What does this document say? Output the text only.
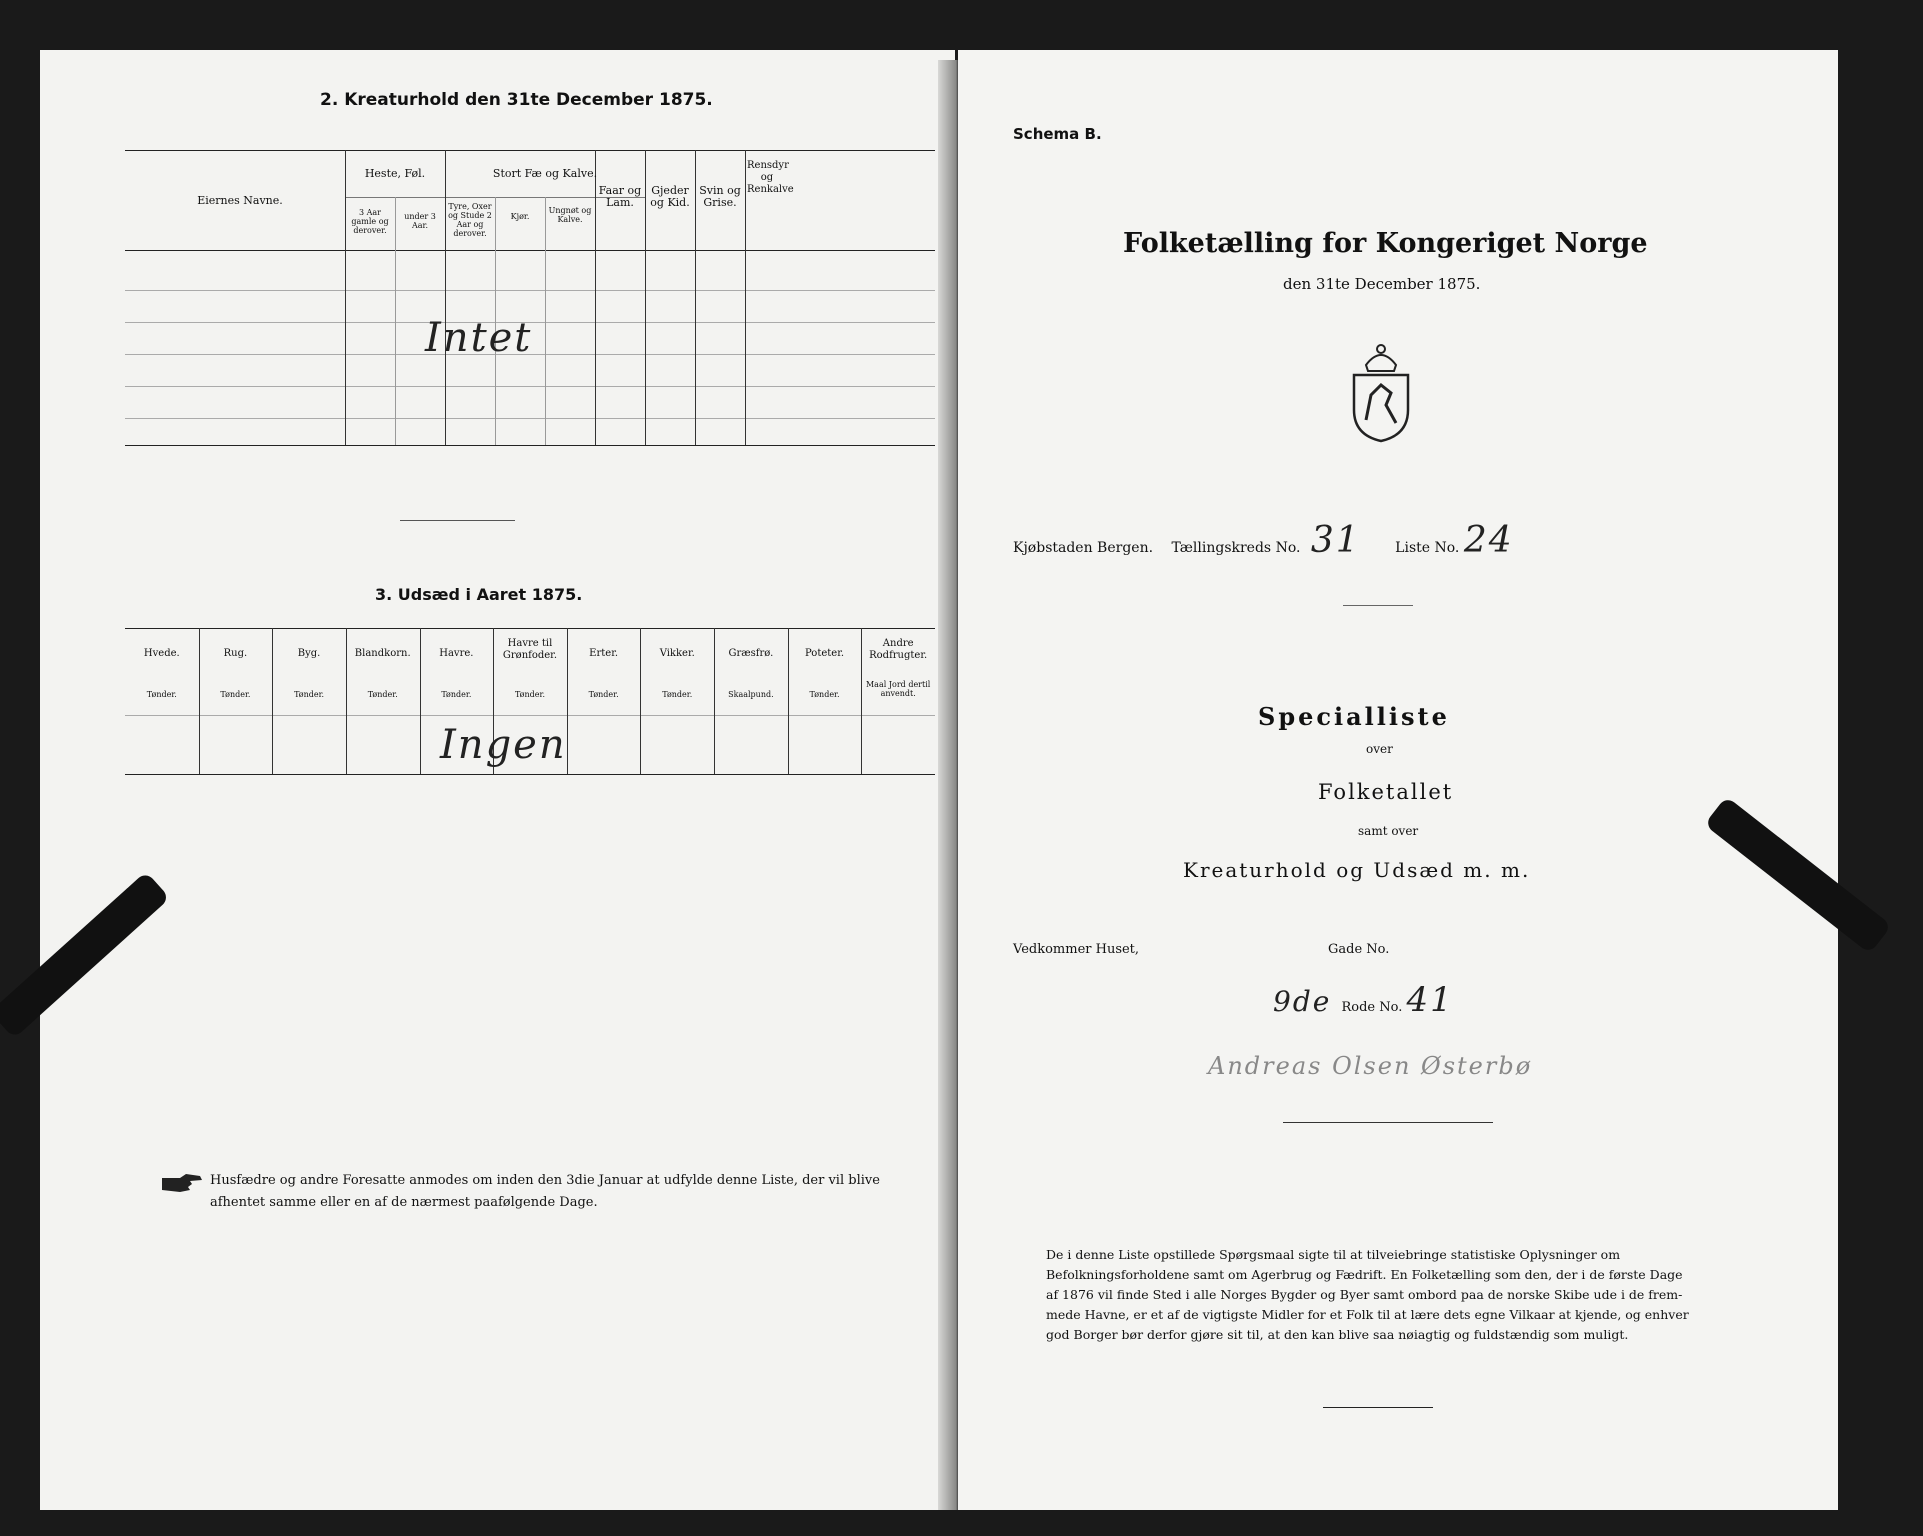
2. Kreaturhold den 31te December 1875.
Eiernes Navne.
Heste, Føl.
3 Aar gamle og derover.
under 3 Aar.
Stort Fæ og Kalve.
Tyre, Oxer og Stude 2 Aar og derover.
Kjør.
Ungnøt og Kalve.
Faar og Lam.
Gjeder og Kid.
Svin og Grise.
Rensdyr og Renkalve
Intet
3. Udsæd i Aaret 1875.
Hvede.
Tønder.
Rug.
Tønder.
Byg.
Tønder.
Blandkorn.
Tønder.
Havre.
Tønder.
Havre til Grønfoder.
Tønder.
Erter.
Tønder.
Vikker.
Tønder.
Græsfrø.
Skaalpund.
Poteter.
Tønder.
Andre Rodfrugter.
Maal Jord dertil anvendt.
Ingen
Husfædre og andre Foresatte anmodes om inden den 3die Januar at udfylde denne Liste, der vil blive
afhentet samme eller en af de nærmest paafølgende Dage.
Schema B.
Folketælling for Kongeriget Norge
den 31te December 1875.
Kjøbstaden Bergen. Tællingskreds No. 31 Liste No. 24
Specialliste
over
Folketallet
samt over
Kreaturhold og Udsæd m. m.
Vedkommer Huset,	Gade No.
9de Rode No. 41
Andreas Olsen Østerbø
De i denne Liste opstillede Spørgsmaal sigte til at tilveiebringe statistiske Oplysninger om
Befolkningsforholdene samt om Agerbrug og Fædrift. En Folketælling som den, der i de første Dage
af 1876 vil finde Sted i alle Norges Bygder og Byer samt ombord paa de norske Skibe ude i de frem-
mede Havne, er et af de vigtigste Midler for et Folk til at lære dets egne Vilkaar at kjende, og enhver
god Borger bør derfor gjøre sit til, at den kan blive saa nøiagtig og fuldstændig som muligt.
